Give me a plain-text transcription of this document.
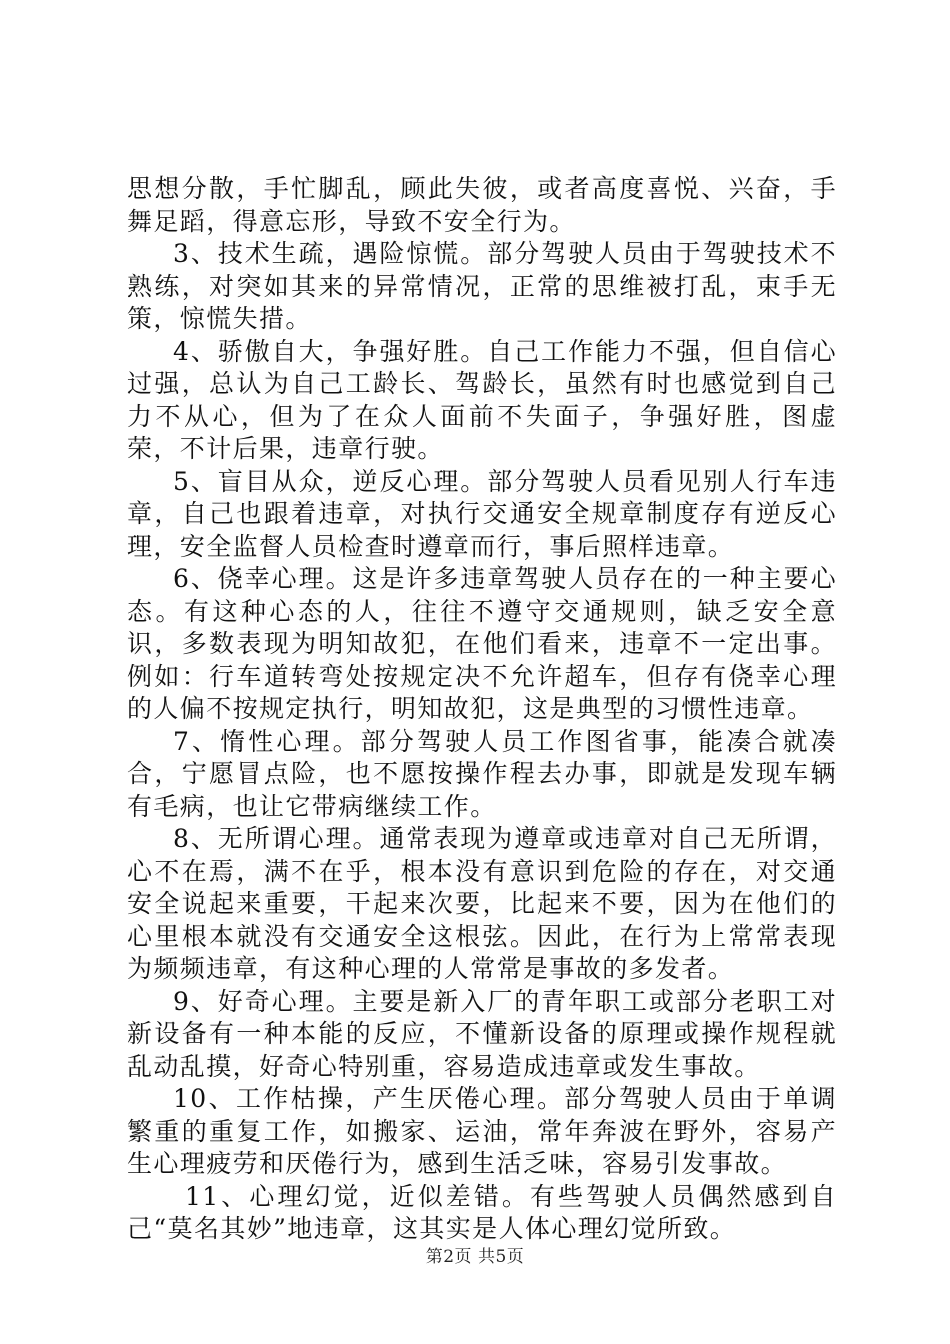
思想分散，手忙脚乱，顾此失彼，或者高度喜悦、兴奋，手舞足蹈，得意忘形，导致不安全行为。

3、技术生疏，遇险惊慌。部分驾驶人员由于驾驶技术不熟练，对突如其来的异常情况，正常的思维被打乱，束手无策，惊慌失措。

4、骄傲自大，争强好胜。自己工作能力不强，但自信心过强，总认为自己工龄长、驾龄长，虽然有时也感觉到自己力不从心，但为了在众人面前不失面子，争强好胜，图虚荣，不计后果，违章行驶。

5、盲目从众，逆反心理。部分驾驶人员看见别人行车违章，自己也跟着违章，对执行交通安全规章制度存有逆反心理，安全监督人员检查时遵章而行，事后照样违章。

6、侥幸心理。这是许多违章驾驶人员存在的一种主要心态。有这种心态的人，往往不遵守交通规则，缺乏安全意识，多数表现为明知故犯，在他们看来，违章不一定出事。例如：行车道转弯处按规定决不允许超车，但存有侥幸心理的人偏不按规定执行，明知故犯，这是典型的习惯性违章。

7、惰性心理。部分驾驶人员工作图省事，能凑合就凑合，宁愿冒点险，也不愿按操作程去办事，即就是发现车辆有毛病，也让它带病继续工作。

8、无所谓心理。通常表现为遵章或违章对自己无所谓，心不在焉，满不在乎，根本没有意识到危险的存在，对交通安全说起来重要，干起来次要，比起来不要，因为在他们的心里根本就没有交通安全这根弦。因此，在行为上常常表现为频频违章，有这种心理的人常常是事故的多发者。

9、好奇心理。主要是新入厂的青年职工或部分老职工对新设备有一种本能的反应，不懂新设备的原理或操作规程就乱动乱摸，好奇心特别重，容易造成违章或发生事故。

10、工作枯操，产生厌倦心理。部分驾驶人员由于单调繁重的重复工作，如搬家、运油，常年奔波在野外，容易产生心理疲劳和厌倦行为，感到生活乏味，容易引发事故。

11、心理幻觉，近似差错。有些驾驶人员偶然感到自己“莫名其妙”地违章，这其实是人体心理幻觉所致。

第2页 共5页
